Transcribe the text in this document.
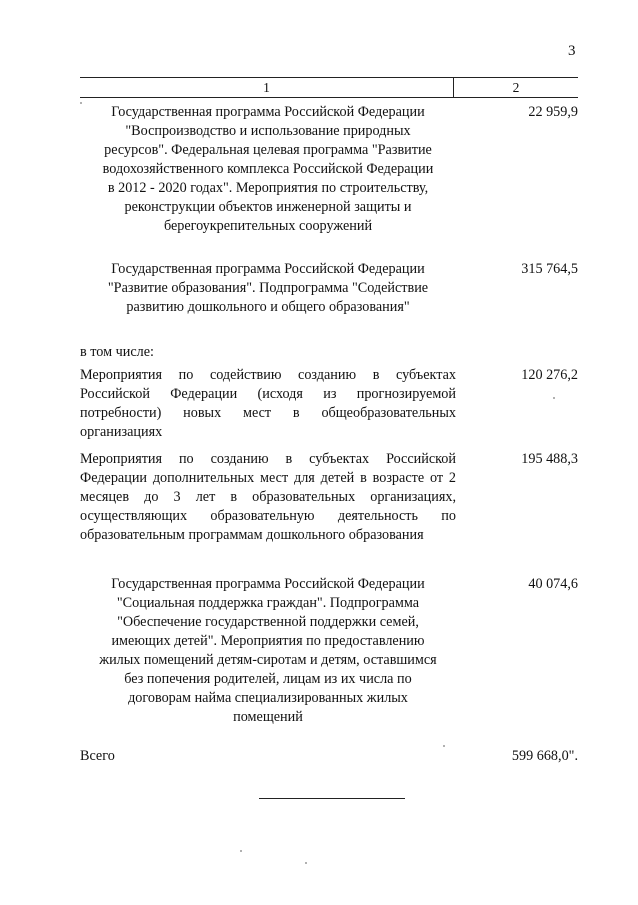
3
1	2
Государственная программа Российской Федерации
"Воспроизводство и использование природных
ресурсов". Федеральная целевая программа "Развитие
водохозяйственного комплекса Российской Федерации
в 2012 - 2020 годах". Мероприятия по строительству,
реконструкции объектов инженерной защиты и
берегоукрепительных сооружений
22 959,9
Государственная программа Российской Федерации
"Развитие образования". Подпрограмма "Содействие
развитию дошкольного и общего образования"
315 764,5
в том числе:
Мероприятия по содействию созданию в субъектах Российской Федерации (исходя из прогнозируемой потребности) новых мест в общеобразовательных организациях
120 276,2
Мероприятия по созданию в субъектах Российской Федерации дополнительных мест для детей в возрасте от 2 месяцев до 3 лет в образовательных организациях, осуществляющих образовательную деятельность по образовательным программам дошкольного образования
195 488,3
Государственная программа Российской Федерации
"Социальная поддержка граждан". Подпрограмма
"Обеспечение государственной поддержки семей,
имеющих детей". Мероприятия по предоставлению
жилых помещений детям-сиротам и детям, оставшимся
без попечения родителей, лицам из их числа по
договорам найма специализированных жилых
помещений
40 074,6
Всего	599 668,0".
